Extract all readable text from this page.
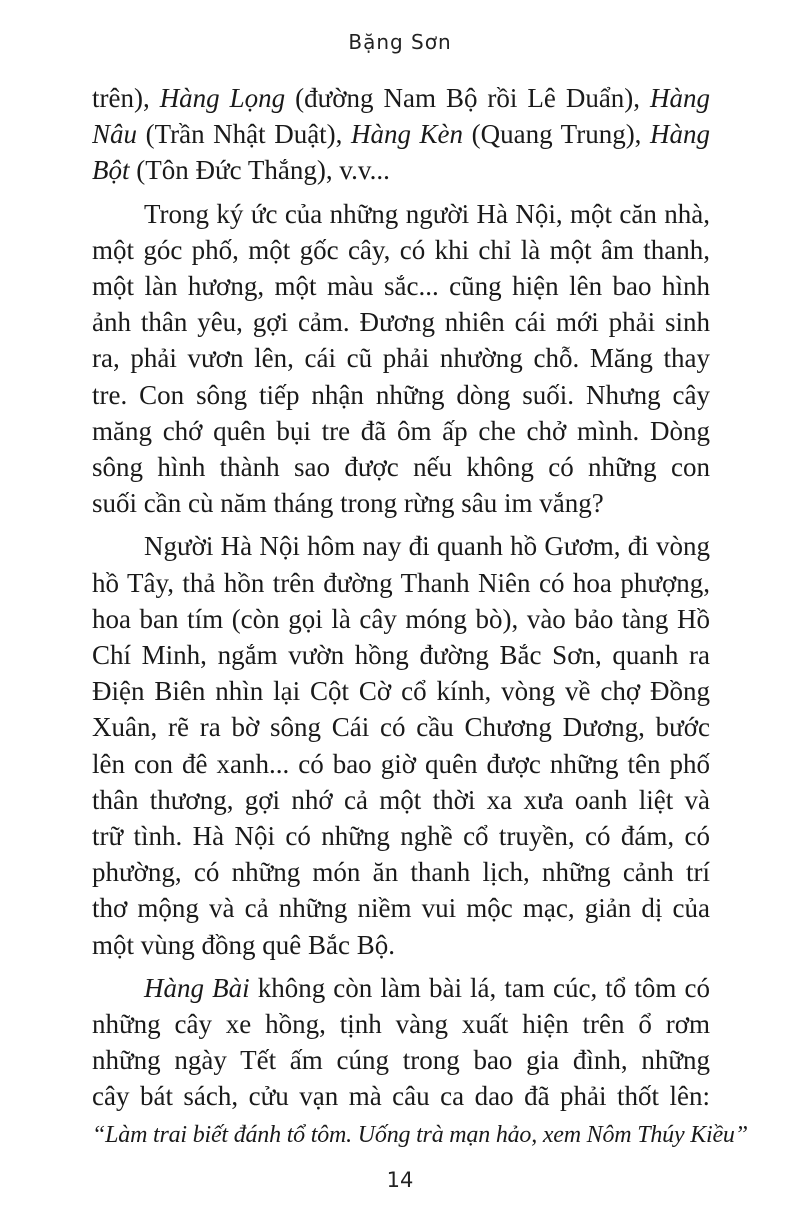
Bặng Sơn
trên), Hàng Lọng (đường Nam Bộ rồi Lê Duẩn), Hàng
Nâu (Trần Nhật Duật), Hàng Kèn (Quang Trung), Hàng
Bột (Tôn Đức Thắng), v.v...
Trong ký ức của những người Hà Nội, một căn nhà,
một góc phố, một gốc cây, có khi chỉ là một âm thanh,
một làn hương, một màu sắc... cũng hiện lên bao hình
ảnh thân yêu, gợi cảm. Đương nhiên cái mới phải sinh
ra, phải vươn lên, cái cũ phải nhường chỗ. Măng thay
tre. Con sông tiếp nhận những dòng suối. Nhưng cây
măng chớ quên bụi tre đã ôm ấp che chở mình. Dòng
sông hình thành sao được nếu không có những con
suối cần cù năm tháng trong rừng sâu im vắng?
Người Hà Nội hôm nay đi quanh hồ Gươm, đi vòng
hồ Tây, thả hồn trên đường Thanh Niên có hoa phượng,
hoa ban tím (còn gọi là cây móng bò), vào bảo tàng Hồ
Chí Minh, ngắm vườn hồng đường Bắc Sơn, quanh ra
Điện Biên nhìn lại Cột Cờ cổ kính, vòng về chợ Đồng
Xuân, rẽ ra bờ sông Cái có cầu Chương Dương, bước
lên con đê xanh... có bao giờ quên được những tên phố
thân thương, gợi nhớ cả một thời xa xưa oanh liệt và
trữ tình. Hà Nội có những nghề cổ truyền, có đám, có
phường, có những món ăn thanh lịch, những cảnh trí
thơ mộng và cả những niềm vui mộc mạc, giản dị của
một vùng đồng quê Bắc Bộ.
Hàng Bài không còn làm bài lá, tam cúc, tổ tôm có
những cây xe hồng, tịnh vàng xuất hiện trên ổ rơm
những ngày Tết ấm cúng trong bao gia đình, những
cây bát sách, cửu vạn mà câu ca dao đã phải thốt lên:
“Làm trai biết đánh tổ tôm. Uống trà mạn hảo, xem Nôm Thúy Kiều”
14
